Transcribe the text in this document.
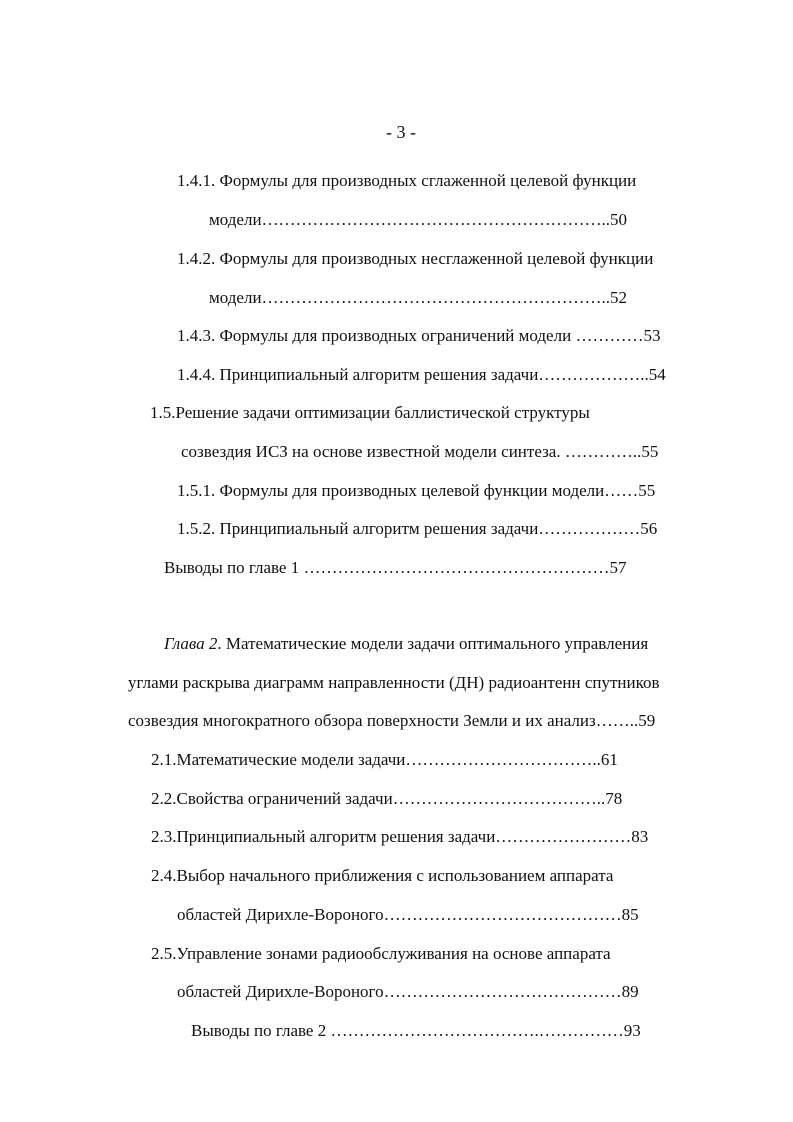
- 3 -
1.4.1. Формулы для производных сглаженной целевой функции
модели……………………………………………………..50
1.4.2. Формулы для производных несглаженной целевой функции
модели……………………………………………………..52
1.4.3. Формулы для производных ограничений модели …………53
1.4.4. Принципиальный алгоритм решения задачи………………..54
1.5.Решение задачи оптимизации баллистической структуры
созвездия ИСЗ на основе известной модели синтеза. …………..55
1.5.1. Формулы для производных целевой функции модели……55
1.5.2. Принципиальный алгоритм решения задачи………………56
Выводы по главе 1 ………………………………………………57
Глава 2. Математические модели задачи оптимального управления
углами раскрыва диаграмм направленности (ДН) радиоантенн спутников
созвездия многократного обзора поверхности Земли и их анализ……..59
2.1.Математические модели задачи……………………………..61
2.2.Свойства ограничений задачи………………………………..78
2.3.Принципиальный алгоритм решения задачи……………………83
2.4.Выбор начального приближения с использованием аппарата
областей Дирихле-Вороного……………………………………85
2.5.Управление зонами радиообслуживания на основе аппарата
областей Дирихле-Вороного……………………………………89
Выводы по главе 2 ……………………………….……………93
